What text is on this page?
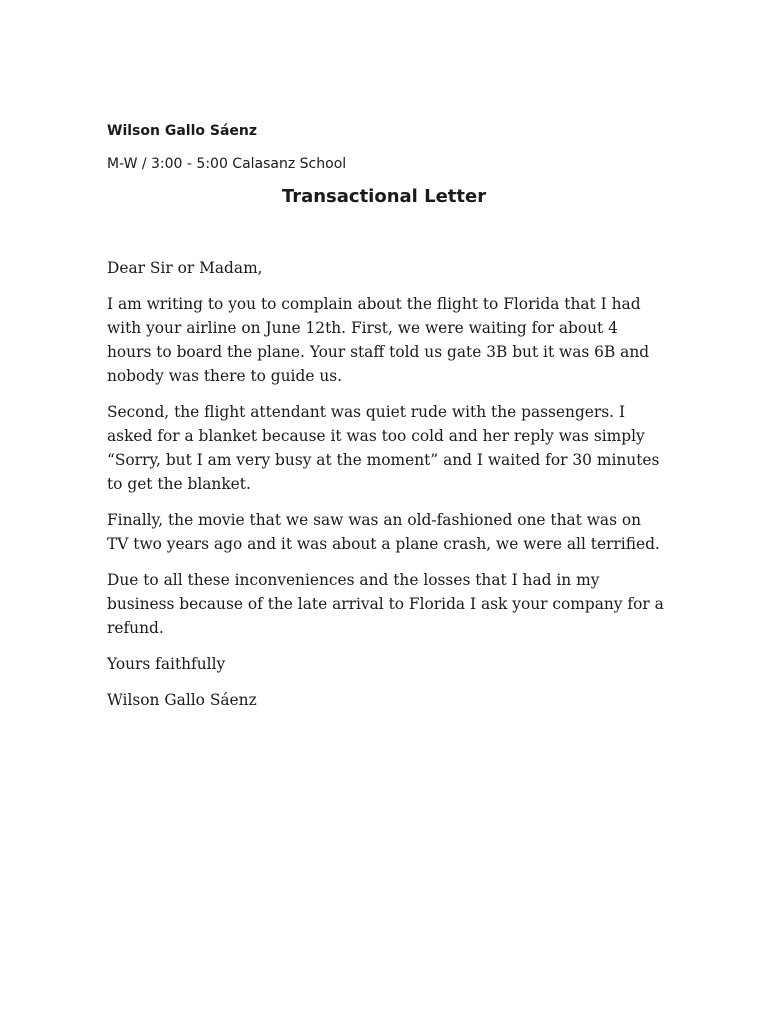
Wilson Gallo Sáenz
M-W / 3:00 - 5:00 Calasanz School
Transactional Letter

Dear Sir or Madam,

I am writing to you to complain about the flight to Florida that I had with your airline on June 12th. First, we were waiting for about 4 hours to board the plane. Your staff told us gate 3B but it was 6B and nobody was there to guide us.

Second, the flight attendant was quiet rude with the passengers. I asked for a blanket because it was too cold and her reply was simply “Sorry, but I am very busy at the moment” and I waited for 30 minutes to get the blanket.

Finally, the movie that we saw was an old-fashioned one that was on TV two years ago and it was about a plane crash, we were all terrified.

Due to all these inconveniences and the losses that I had in my business because of the late arrival to Florida I ask your company for a refund.

Yours faithfully

Wilson Gallo Sáenz
